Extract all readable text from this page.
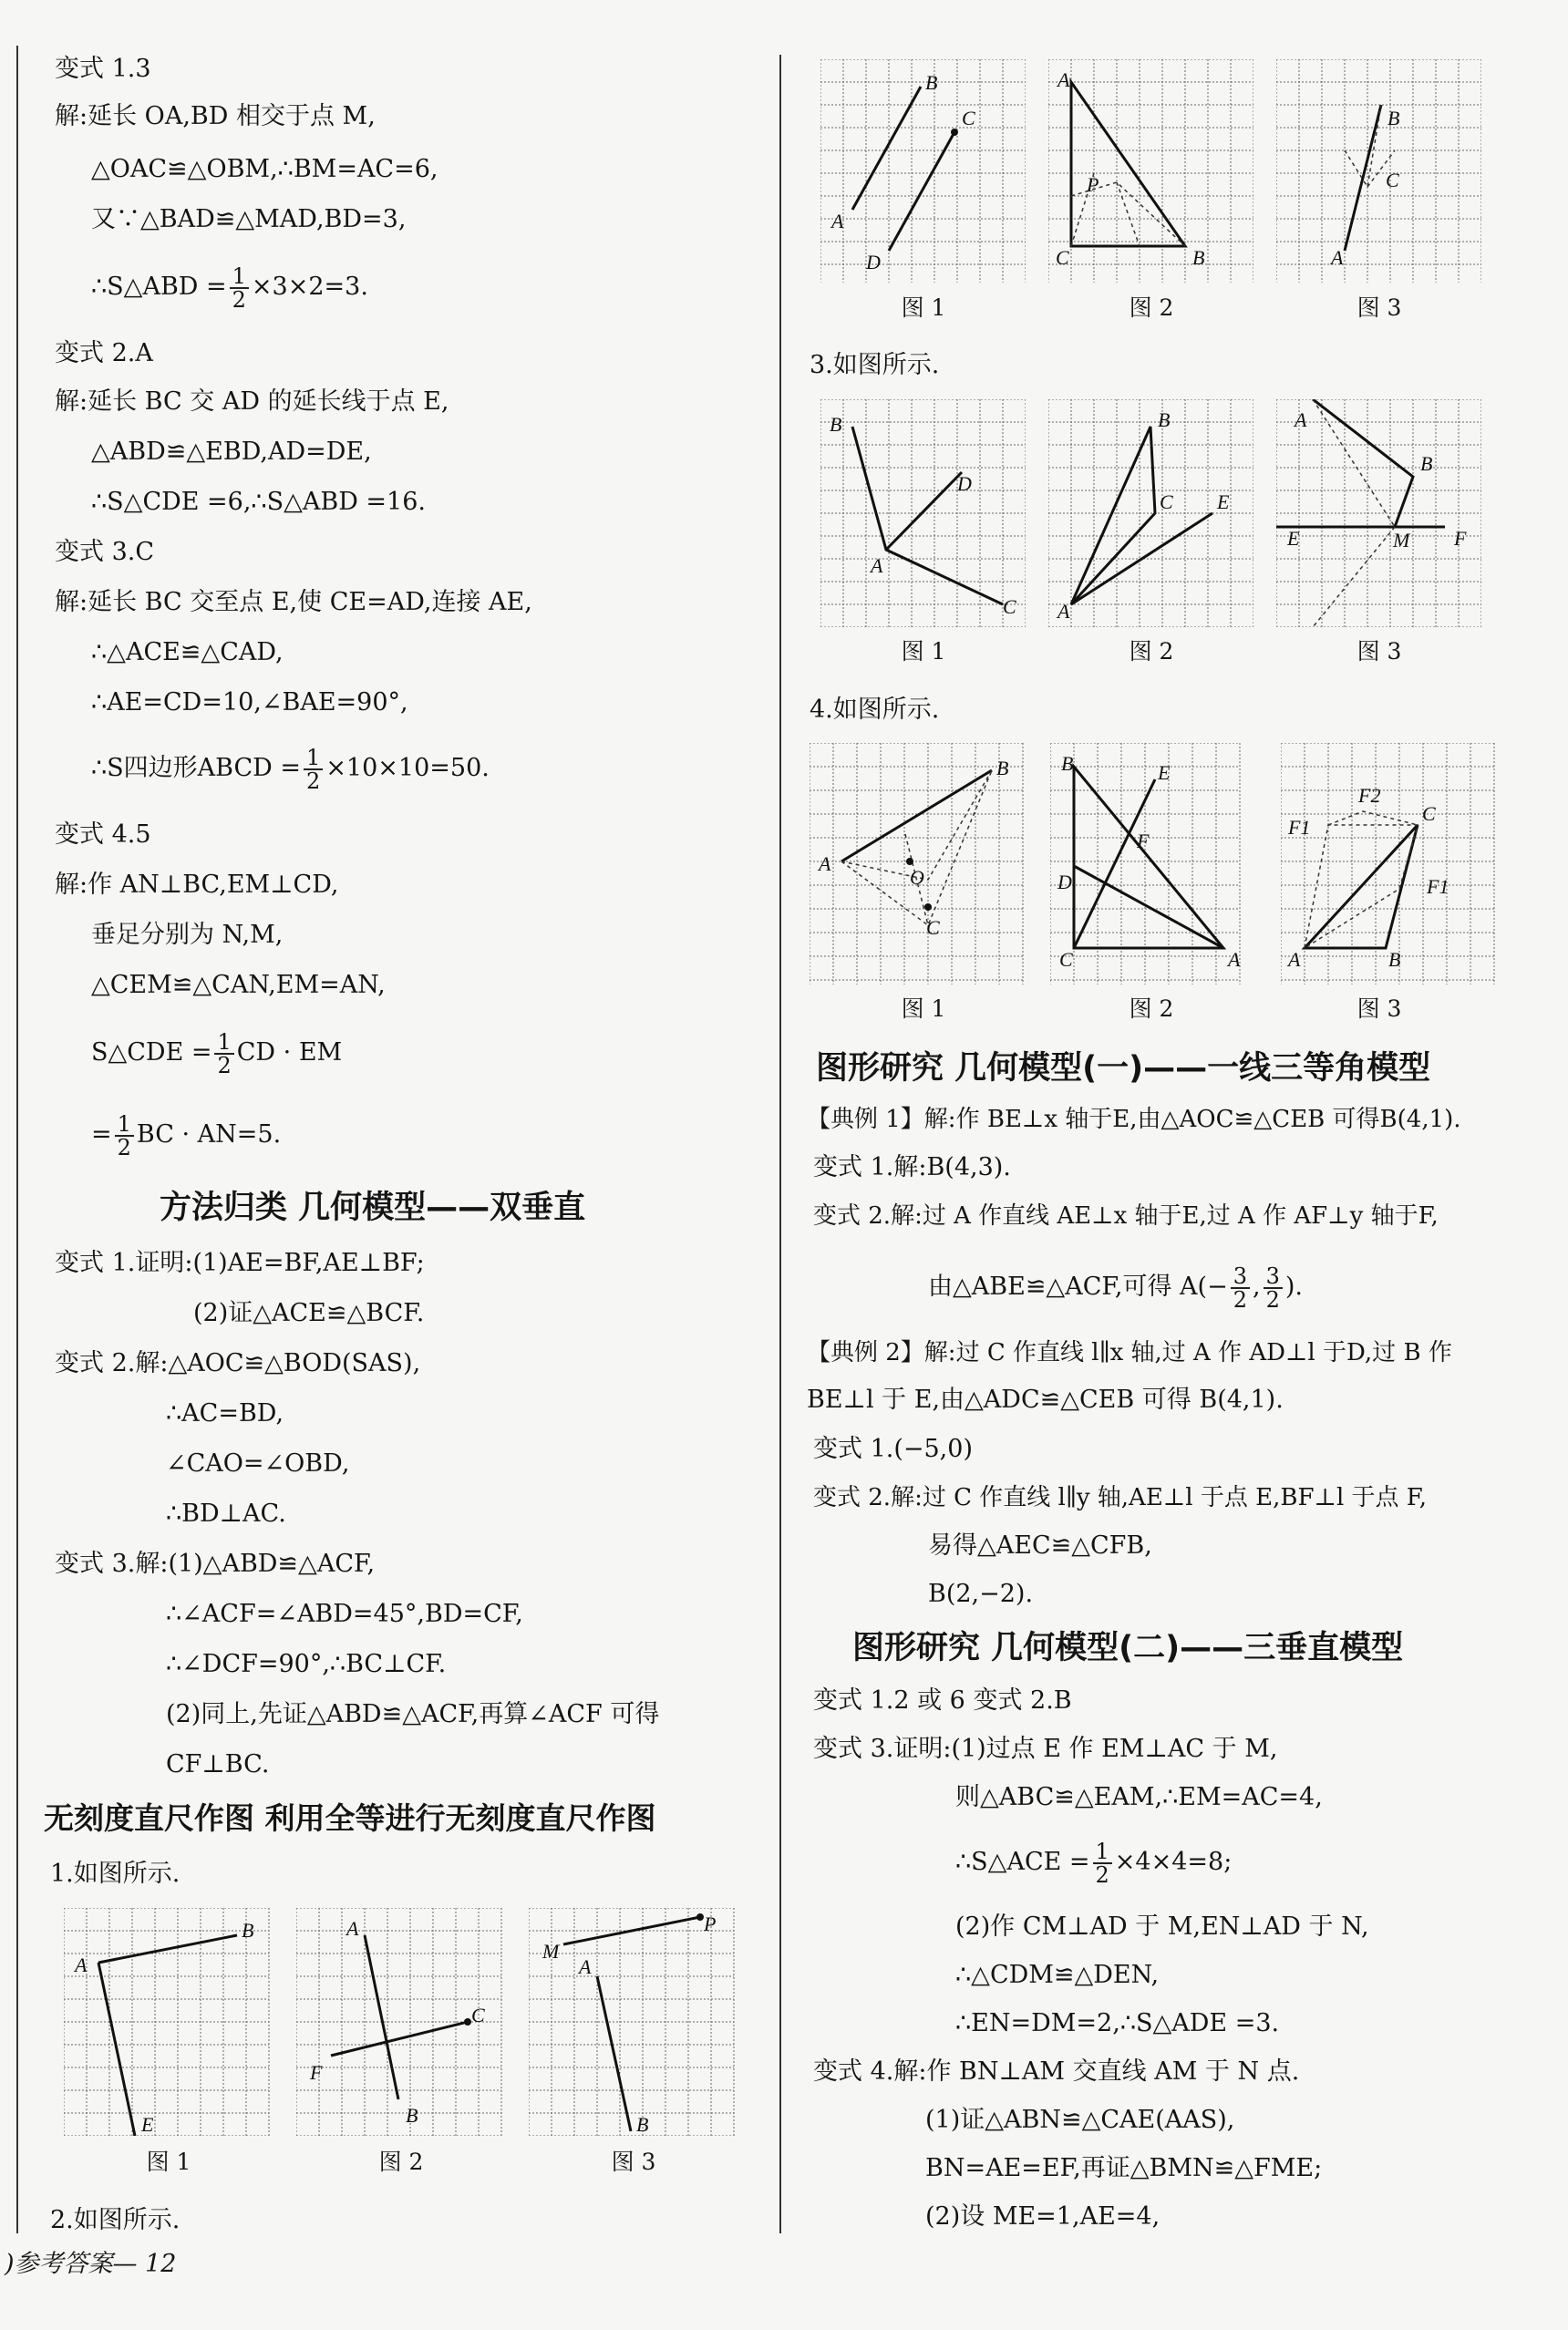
变式 1.3
解:延长 OA,BD 相交于点 M,
△OAC≌△OBM,∴BM=AC=6,
又∵△BAD≌△MAD,BD=3,
∴S△ABD = $\frac{1}{2} \times 3\times 2=3$.
变式 2.A
解:延长 BC 交 AD 的延长线于点 E,
△ABD≌△EBD,AD=DE,
∴S△CDE =6,∴S△ABD =16.
变式 3.C
解:延长 BC 交至点 E,使 CE=AD,连接 AE,
∴△ACE≌△CAD,
∴AE=CD=10,∠BAE=90°,
∴S四边形ABCD = $\frac{1}{2} \times 10\times 10=50$.
变式 4.5
解:作 AN⊥BC,EM⊥CD,
垂足分别为 N,M,
△CEM≌△CAN,EM=AN,
S△CDE = $\frac{1}{2}$ CD · EM
= $\frac{1}{2}$ BC · AN=5.
方法归类 几何模型——双垂直
变式 1.证明:(1)AE=BF,AE⊥BF;
(2)证△ACE≌△BCF.
变式 2.解:△AOC≌△BOD(SAS),
∴AC=BD,
∠CAO=∠OBD,
∴BD⊥AC.
变式 3.解:(1)△ABD≌△ACF,
∴∠ACF=∠ABD=45°,BD=CF,
∴∠DCF=90°,∴BC⊥CF.
(2)同上,先证△ABD≌△ACF,再算∠ACF 可得
CF⊥BC.
无刻度直尺作图 利用全等进行无刻度直尺作图
1.如图所示.
A
B
E
A
B
C
F
M
A
P
B
图 1	图 2	图 3
2.如图所示.
)参考答案— 12
B
C
A
D
A
P
C	B
B
C
A
图 1	图 2	图 3
3.如图所示.
B
D
A
C
B
C E
A
A
B
E	M F
图 1	图 2	图 3
4.如图所示.
A
B
O
C
B	E
F
D
C	A
F1
F2
C
F1
A	B
图 1	图 2	图 3
图形研究 几何模型(一)——一线三等角模型
【典例 1】解:作 BE⊥x 轴于E,由△AOC≌△CEB 可得B(4,1).
变式 1.解:B(4,3).
变式 2.解:过 A 作直线 AE⊥x 轴于E,过 A 作 AF⊥y 轴于F,
由△ABE≌△ACF,可得 $A(- \frac{3}{2}$ , $\frac{3}{2}$ ).
【典例 2】解:过 C 作直线 l∥x 轴,过 A 作 AD⊥l 于D,过 B 作
BE⊥l 于 E,由△ADC≌△CEB 可得 B(4,1).
变式 1.(−5,0)
变式 2.解:过 C 作直线 l∥y 轴,AE⊥l 于点 E,BF⊥l 于点 F,
易得△AEC≌△CFB,
B(2,−2).
图形研究 几何模型(二)——三垂直模型
变式 1.2 或 6 变式 2.B
变式 3.证明:(1)过点 E 作 EM⊥AC 于 M,
则△ABC≌△EAM,∴EM=AC=4,
∴S△ACE = $\frac{1}{2} \times 4\times 4=8$;
(2)作 CM⊥AD 于 M,EN⊥AD 于 N,
∴△CDM≌△DEN,
∴EN=DM=2,∴S△ADE =3.
变式 4.解:作 BN⊥AM 交直线 AM 于 N 点.
(1)证△ABN≌△CAE(AAS),
BN=AE=EF,再证△BMN≌△FME;
(2)设 ME=1,AE=4,
